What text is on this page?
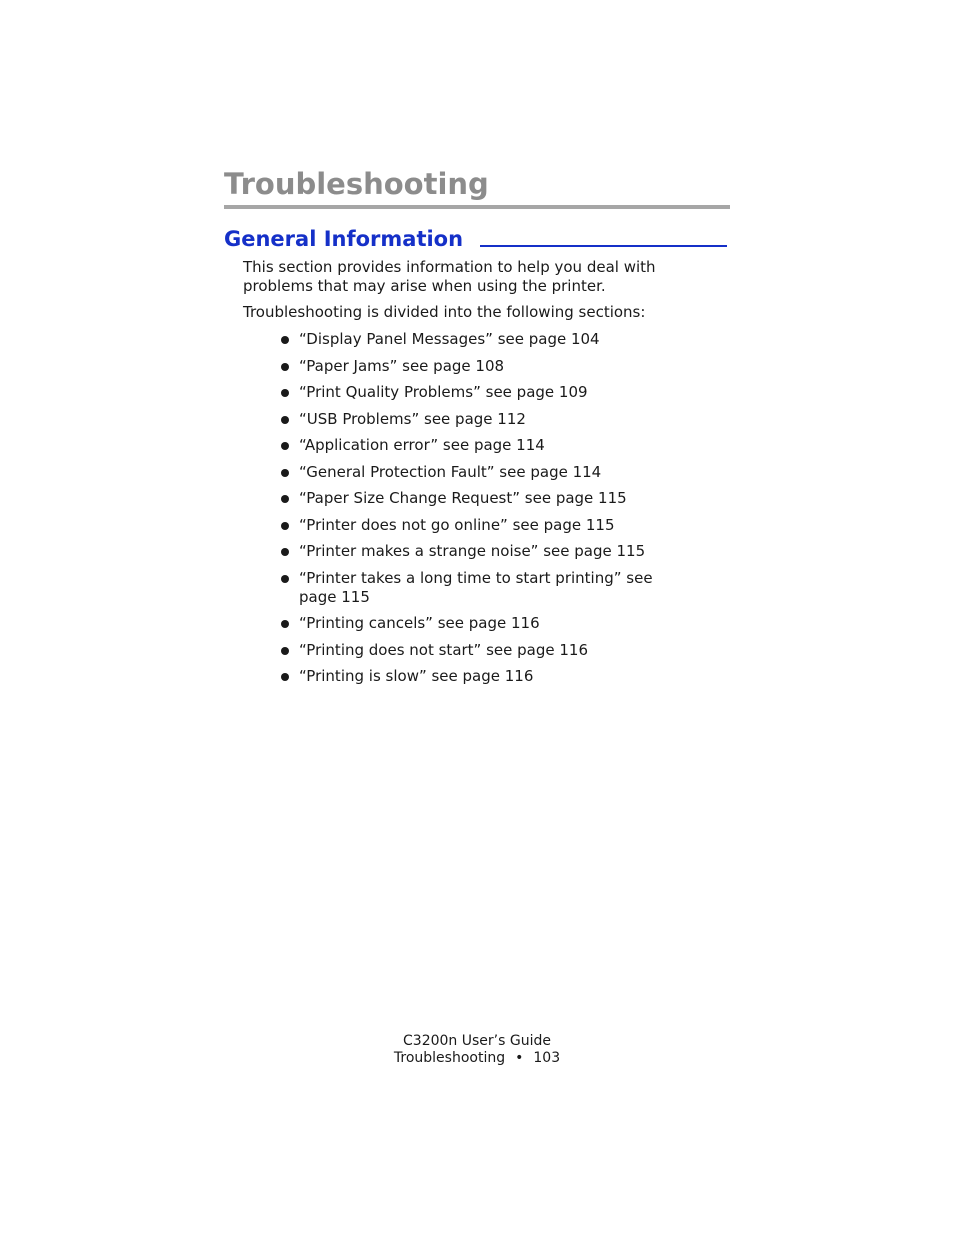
Troubleshooting
General Information

This section provides information to help you deal with problems that may arise when using the printer.

Troubleshooting is divided into the following sections:

“Display Panel Messages” see page 104
“Paper Jams” see page 108
“Print Quality Problems” see page 109
“USB Problems” see page 112
“Application error” see page 114
“General Protection Fault” see page 114
“Paper Size Change Request” see page 115
“Printer does not go online” see page 115
“Printer makes a strange noise” see page 115
“Printer takes a long time to start printing” see page 115
“Printing cancels” see page 116
“Printing does not start” see page 116
“Printing is slow” see page 116

C3200n User’s Guide

Troubleshooting • 103
